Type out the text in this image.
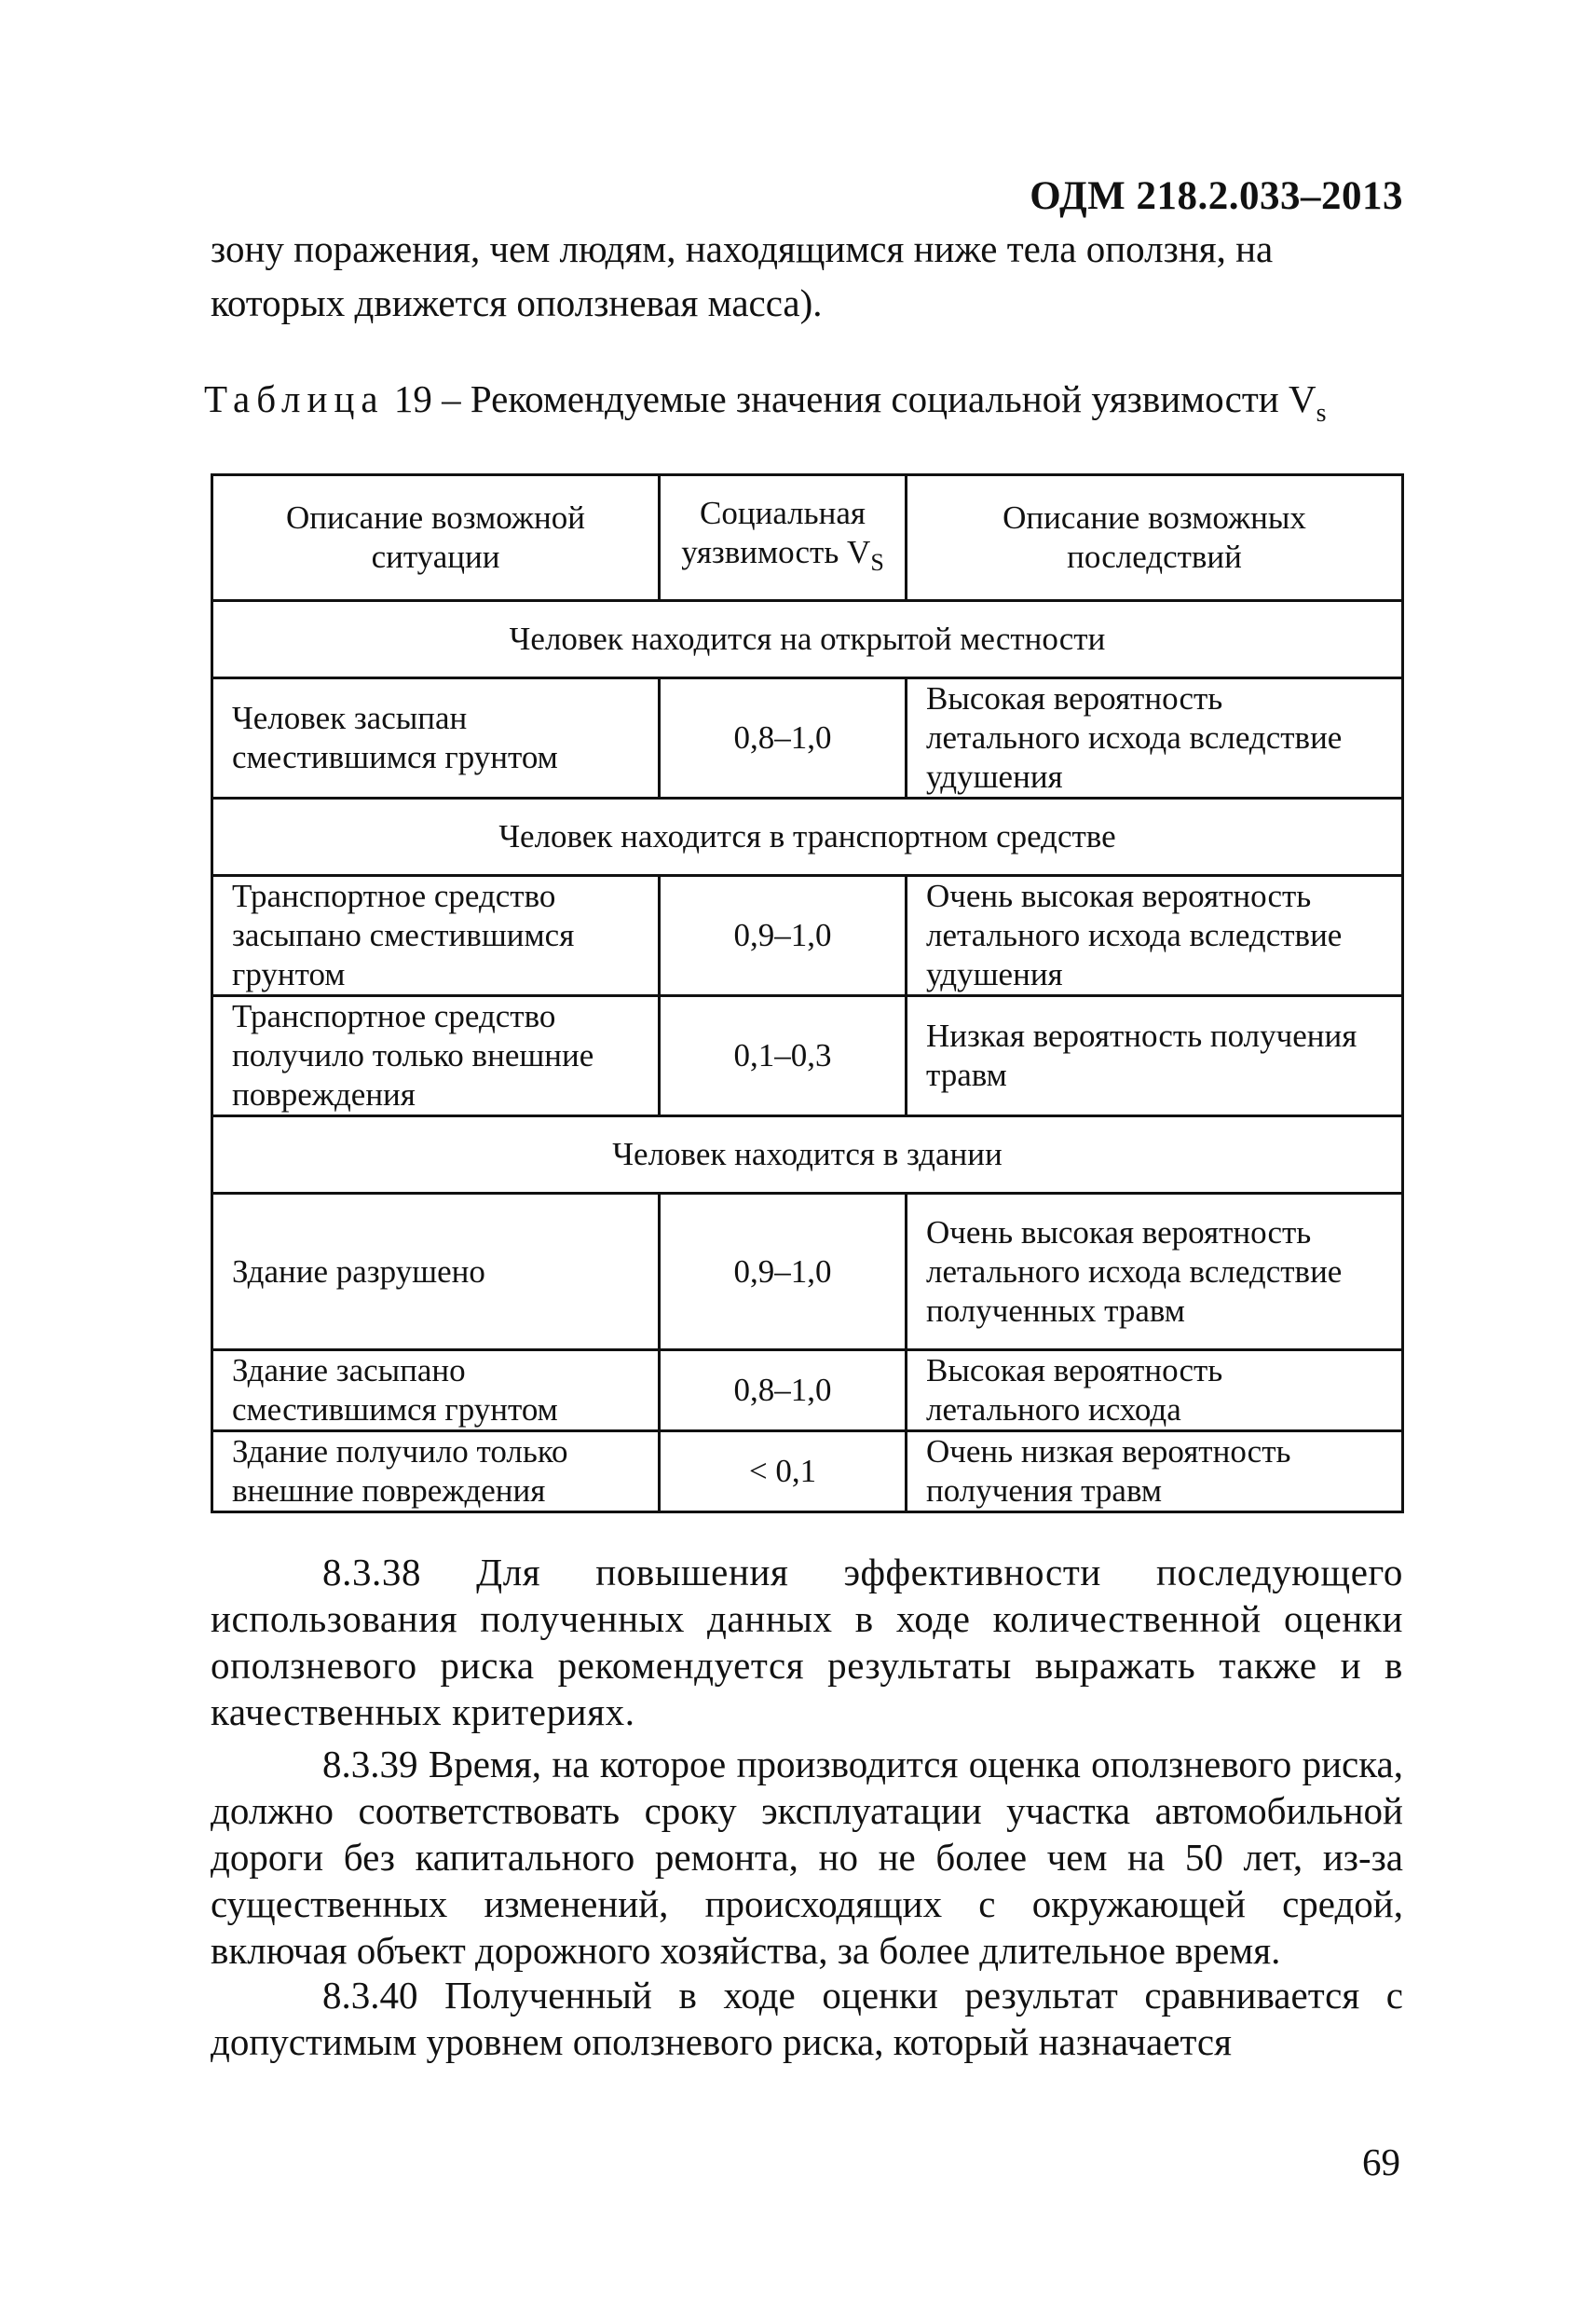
ОДМ 218.2.033–2013
зону поражения, чем людям, находящимся ниже тела оползня, на которых движется оползневая масса).
Таблица 19 – Рекомендуемые значения социальной уязвимости $V_s$
Описание возможной ситуации	Социальная уязвимость $V_S$	Описание возможных последствий
Человек находится на открытой местности		
Человек засыпан сместившимся грунтом	0,8–1,0	Высокая вероятность летального исхода вследствие удушения
Человек находится в транспортном средстве		
Транспортное средство засыпано сместившимся грунтом	0,9–1,0	Очень высокая вероятность летального исхода вследствие удушения
Транспортное средство получило только внешние повреждения	0,1–0,3	Низкая вероятность получения травм
Человек находится в здании		
Здание разрушено	0,9–1,0	Очень высокая вероятность летального исхода вследствие полученных травм
Здание засыпано сместившимся грунтом	0,8–1,0	Высокая вероятность летального исхода
Здание получило только внешние повреждения	< 0,1	Очень низкая вероятность получения травм
8.3.38 Для повышения эффективности последующего использования полученных данных в ходе количественной оценки оползневого риска рекомендуется результаты выражать также и в качественных критериях.
8.3.39 Время, на которое производится оценка оползневого риска, должно соответствовать сроку эксплуатации участка автомобильной дороги без капитального ремонта, но не более чем на 50 лет, из-за существенных изменений, происходящих с окружающей средой, включая объект дорожного хозяйства, за более длительное время.
8.3.40 Полученный в ходе оценки результат сравнивается с допустимым уровнем оползневого риска, который назначается
69
